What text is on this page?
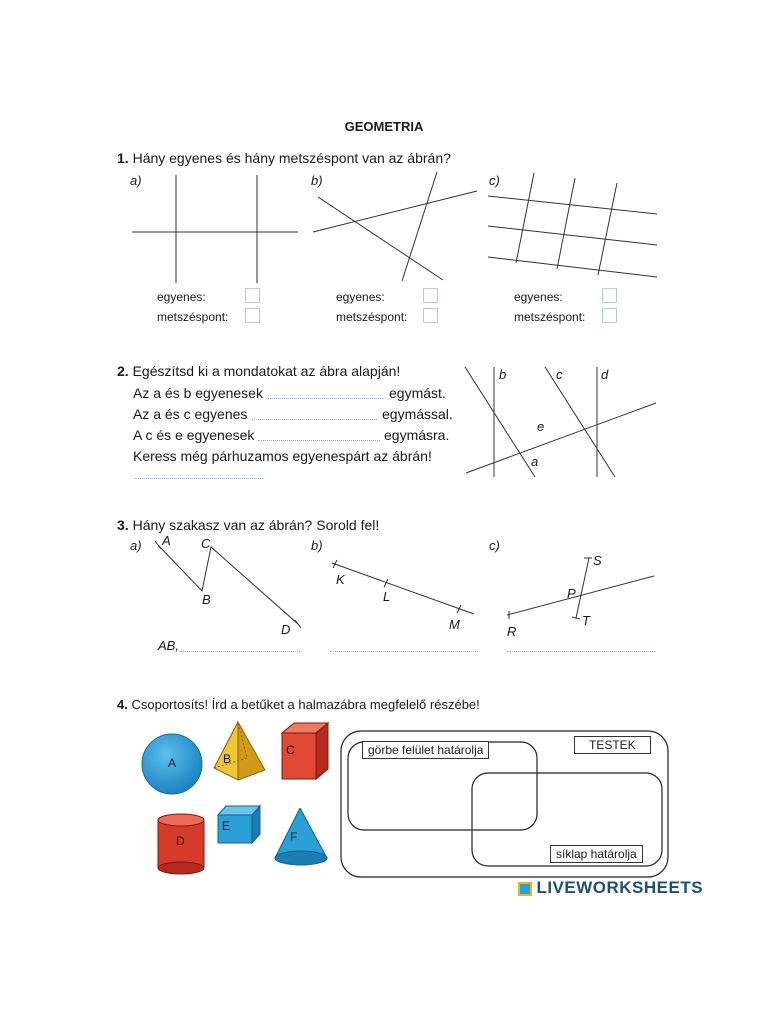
GEOMETRIA
1. Hány egyenes és hány metszéspont van az ábrán?
a)	b)	c)
egyenes:
metszéspont:
egyenes:
metszéspont:
egyenes:
metszéspont:
2. Egészítsd ki a mondatokat az ábra alapján!
Az a és b egyenesek	egymást.
Az a és c egyenes	egymással.
A c és e egyenesek	egymásra.
Keress még párhuzamos egyenespárt az ábrán!
b	c	d
e
a
3. Hány szakasz van az ábrán? Sorold fel!
a)	b)	c)
A C
B
D
K
L
M
S
P
T
R
AB,
4. Csoportosíts! Írd a betűket a halmazábra megfelelő részébe!
A	B
C
D
E
F
görbe felület határolja	TESTEK
síklap határolja
LIVEWORKSHEETS
